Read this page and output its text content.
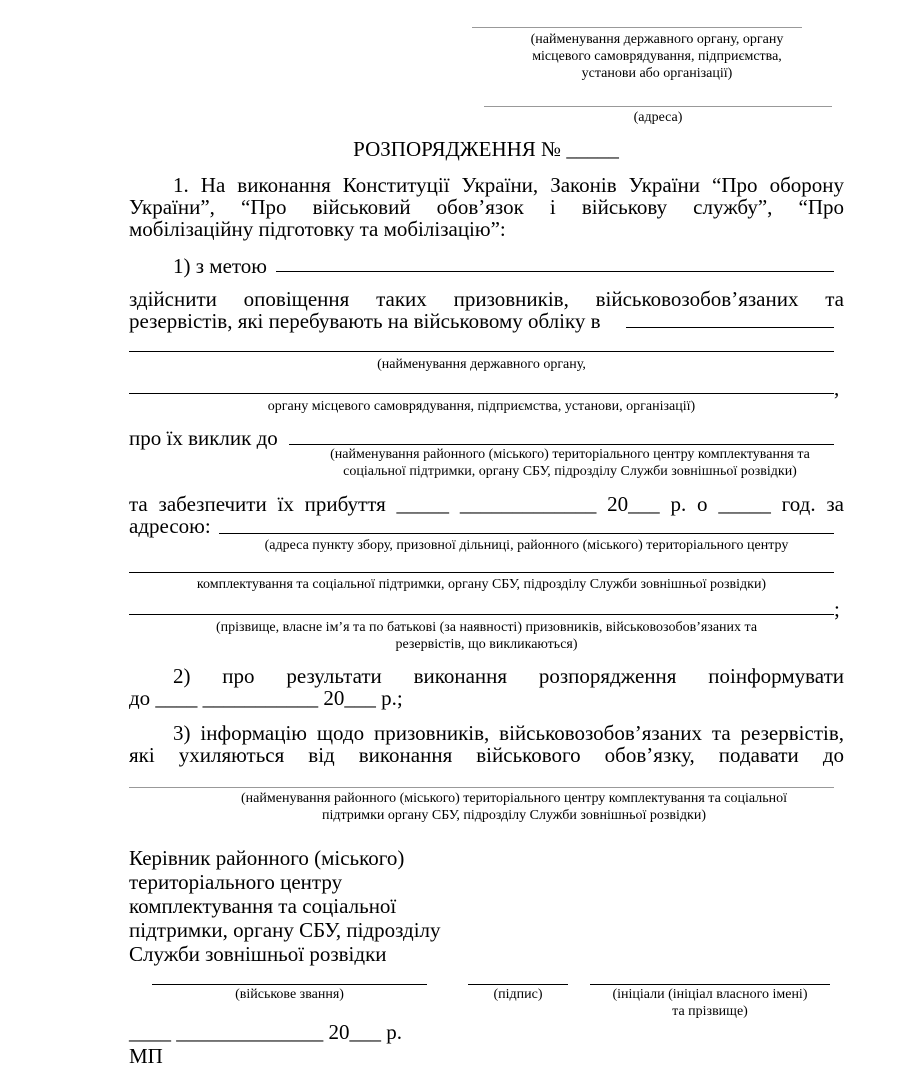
(найменування державного органу, органу
місцевого самоврядування, підприємства,
установи або організації)
(адреса)
РОЗПОРЯДЖЕННЯ № _____
1. На виконання Конституції України, Законів України “Про оборону
України”, “Про військовий обов’язок і військову службу”, “Про
мобілізаційну підготовку та мобілізацію”:
1) з метою
здійснити оповіщення таких призовників, військовозобов’язаних та
резервістів, які перебувають на військовому обліку в
(найменування державного органу,
,
органу місцевого самоврядування, підприємства, установи, організації)
про їх виклик до
(найменування районного (міського) територіального центру комплектування та
соціальної підтримки, органу СБУ, підрозділу Служби зовнішньої розвідки)
та забезпечити їх прибуття _____ _____________ 20___ р. о _____ год. за
адресою:
(адреса пункту збору, призовної дільниці, районного (міського) територіального центру
комплектування та соціальної підтримки, органу СБУ, підрозділу Служби зовнішньої розвідки)
;
(прізвище, власне ім’я та по батькові (за наявності) призовників, військовозобов’язаних та
резервістів, що викликаються)
2) про результати виконання розпорядження поінформувати
до ____ ___________ 20___ р.;
3) інформацію щодо призовників, військовозобов’язаних та резервістів,
які ухиляються від виконання військового обов’язку, подавати до
(найменування районного (міського) територіального центру комплектування та соціальної
підтримки органу СБУ, підрозділу Служби зовнішньої розвідки)
Керівник районного (міського)
територіального центру
комплектування та соціальної
підтримки, органу СБУ, підрозділу
Служби зовнішньої розвідки
(військове звання)	(підпис)	(ініціали (ініціал власного імені)
та прізвище)
____ ______________ 20___ р.
МП
